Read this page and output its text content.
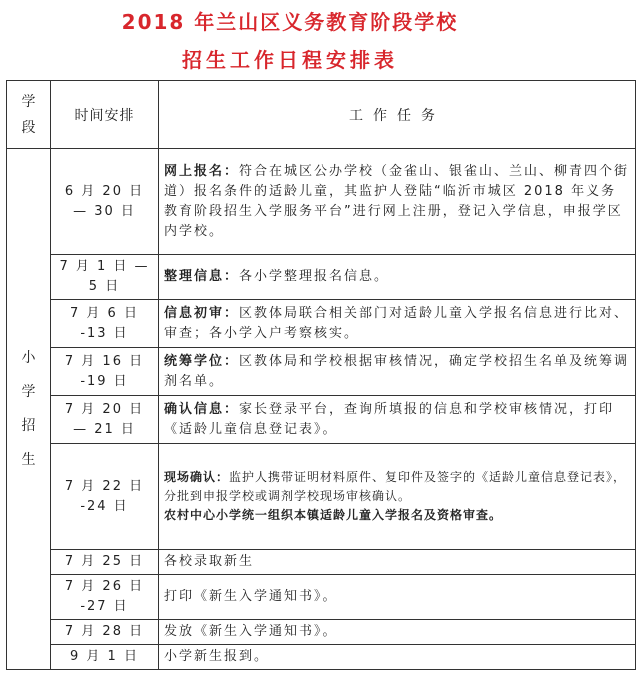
2018 年兰山区义务教育阶段学校
招生工作日程安排表
学段	时间安排	工作任务
小学招生	6 月 20 日 — 30 日	网上报名：符合在城区公办学校（金雀山、银雀山、兰山、柳青四个街道）报名条件的适龄儿童，其监护人登陆“临沂市城区 2018 年义务教育阶段招生入学服务平台”进行网上注册，登记入学信息，申报学区内学校。
	7 月 1 日 —5 日	整理信息：各小学整理报名信息。
	7 月 6 日 -13 日	信息初审：区教体局联合相关部门对适龄儿童入学报名信息进行比对、审查；各小学入户考察核实。
	7 月 16 日 -19 日	统筹学位：区教体局和学校根据审核情况，确定学校招生名单及统筹调剂名单。
	7 月 20 日 — 21 日	确认信息：家长登录平台，查询所填报的信息和学校审核情况，打印《适龄儿童信息登记表》。
	7 月 22 日 -24 日	现场确认：监护人携带证明材料原件、复印件及签字的《适龄儿童信息登记表》，分批到申报学校或调剂学校现场审核确认。
农村中心小学统一组织本镇适龄儿童入学报名及资格审查。
	7 月 25 日	各校录取新生
	7 月 26 日 -27 日	打印《新生入学通知书》。
	7 月 28 日	发放《新生入学通知书》。
	9 月 1 日	小学新生报到。
